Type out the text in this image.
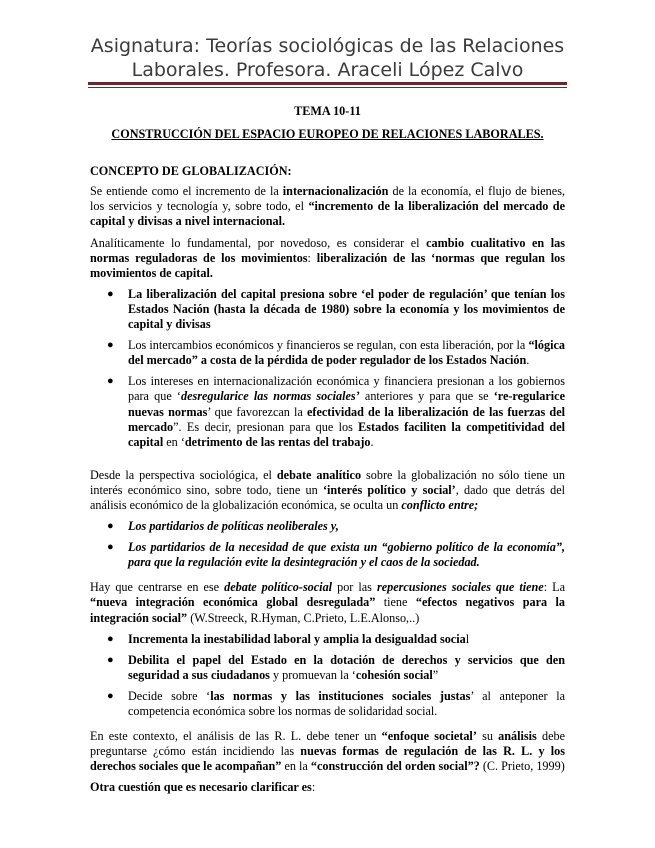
Asignatura: Teorías sociológicas de las Relaciones
Laborales. Profesora. Araceli López Calvo
TEMA 10-11
CONSTRUCCIÓN DEL ESPACIO EUROPEO DE RELACIONES LABORALES.
CONCEPTO DE GLOBALIZACIÓN:

Se entiende como el incremento de la internacionalización de la economía, el flujo de bienes, los servicios y tecnología y, sobre todo, el “incremento de la liberalización del mercado de capital y divisas a nivel internacional.

Analíticamente lo fundamental, por novedoso, es considerar el cambio cualitativo en las normas reguladoras de los movimientos: liberalización de las ‘normas que regulan los movimientos de capital.

● La liberalización del capital presiona sobre ‘el poder de regulación’ que tenían los Estados Nación (hasta la década de 1980) sobre la economía y los movimientos de capital y divisas
● Los intercambios económicos y financieros se regulan, con esta liberación, por la “lógica del mercado” a costa de la pérdida de poder regulador de los Estados Nación.
● Los intereses en internacionalización económica y financiera presionan a los gobiernos para que ‘desregularice las normas sociales’ anteriores y para que se ‘re-regularice nuevas normas’ que favorezcan la efectividad de la liberalización de las fuerzas del mercado”. Es decir, presionan para que los Estados faciliten la competitividad del capital en ‘detrimento de las rentas del trabajo.

Desde la perspectiva sociológica, el debate analítico sobre la globalización no sólo tiene un interés económico sino, sobre todo, tiene un ‘interés político y social’, dado que detrás del análisis económico de la globalización económica, se oculta un conflicto entre;

● Los partidarios de políticas neoliberales y,
● Los partidarios de la necesidad de que exista un “gobierno político de la economía”, para que la regulación evite la desintegración y el caos de la sociedad.

Hay que centrarse en ese debate político-social por las repercusiones sociales que tiene: La “nueva integración económica global desregulada” tiene “efectos negativos para la integración social” (W.Streeck, R.Hyman, C.Prieto, L.E.Alonso,..)

● Incrementa la inestabilidad laboral y amplia la desigualdad social
● Debilita el papel del Estado en la dotación de derechos y servicios que den seguridad a sus ciudadanos y promuevan la ‘cohesión social”
● Decide sobre ‘las normas y las instituciones sociales justas’ al anteponer la competencia económica sobre los normas de solidaridad social.

En este contexto, el análisis de las R. L. debe tener un “enfoque societal’ su análisis debe preguntarse ¿cómo están incidiendo las nuevas formas de regulación de las R. L. y los derechos sociales que le acompañan” en la “construcción del orden social”? (C. Prieto, 1999)

Otra cuestión que es necesario clarificar es:
